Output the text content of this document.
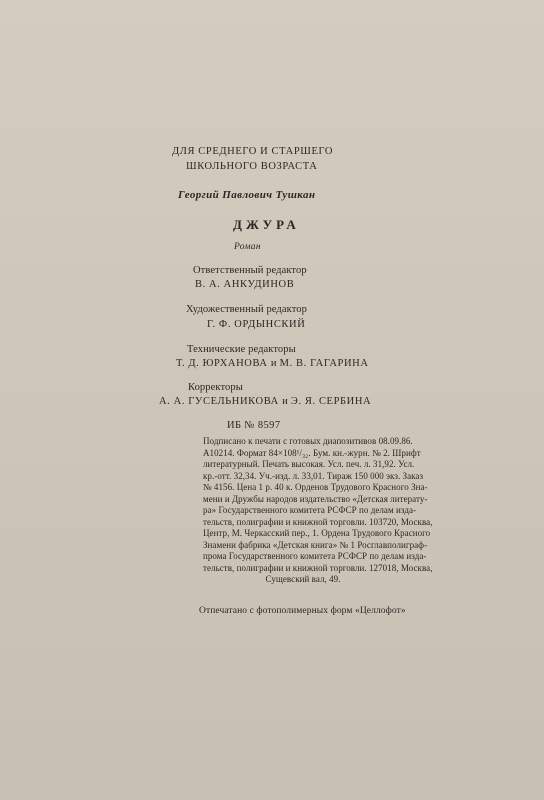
ДЛЯ СРЕДНЕГО И СТАРШЕГО
ШКОЛЬНОГО ВОЗРАСТА
Георгий Павлович Тушкан
ДЖУРА
Роман
Ответственный редактор
В. А. АНКУДИНОВ
Художественный редактор
Г. Ф. ОРДЫНСКИЙ
Технические редакторы
Т. Д. ЮРХАНОВА и М. В. ГАГАРИНА
Корректоры
А. А. ГУСЕЛЬНИКОВА и Э. Я. СЕРБИНА
ИБ № 8597
Подписано к печати с готовых диапозитивов 08.09.86.
А10214. Формат 84×108¹/₃₂. Бум. кн.-журн. № 2. Шрифт
литературный. Печать высокая. Усл. печ. л. 31,92. Усл.
кр.-отт. 32,34. Уч.-изд. л. 33,01. Тираж 150 000 экз. Заказ
№ 4156. Цена 1 р. 40 к. Орденов Трудового Красного Зна-
мени и Дружбы народов издательство «Детская литерату-
ра» Государственного комитета РСФСР по делам изда-
тельств, полиграфии и книжной торговли. 103720, Москва,
Центр, М. Черкасский пер., 1. Ордена Трудового Красного
Знамени фабрика «Детская книга» № 1 Росглавполиграф-
прома Государственного комитета РСФСР по делам изда-
тельств, полиграфии и книжной торговли. 127018, Москва,
Сущевский вал, 49.
Отпечатано с фотополимерных форм «Целлофот»
